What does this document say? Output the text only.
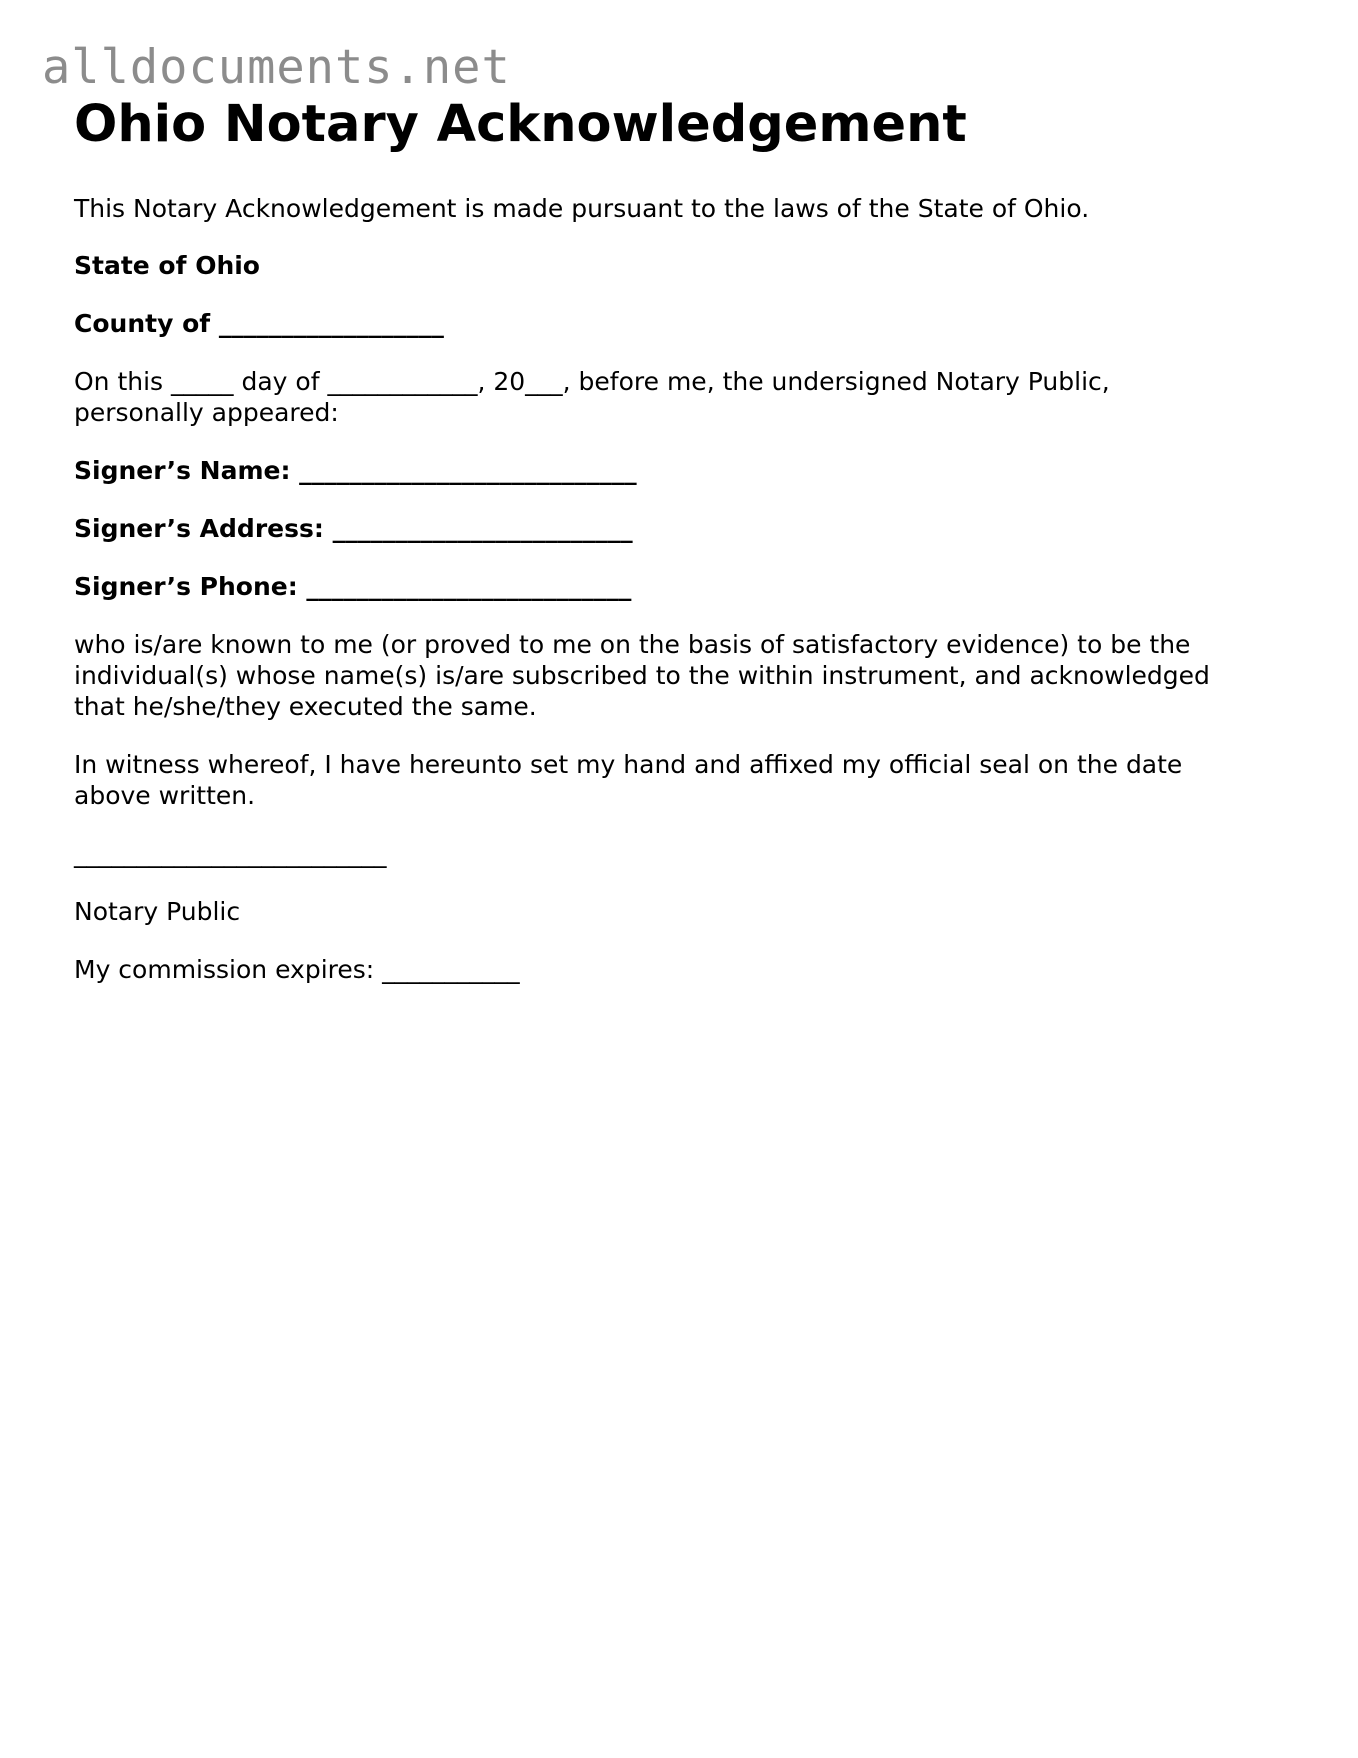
alldocuments.net
Ohio Notary Acknowledgement

This Notary Acknowledgement is made pursuant to the laws of the State of Ohio.

State of Ohio

County of __________________

On this _____ day of ____________, 20___, before me, the undersigned Notary Public,

personally appeared:

Signer’s Name: ___________________________

Signer’s Address: ________________________

Signer’s Phone: __________________________

who is/are known to me (or proved to me on the basis of satisfactory evidence) to be the

individual(s) whose name(s) is/are subscribed to the within instrument, and acknowledged

that he/she/they executed the same.

In witness whereof, I have hereunto set my hand and affixed my official seal on the date

above written.

_________________________

Notary Public

My commission expires: ___________
